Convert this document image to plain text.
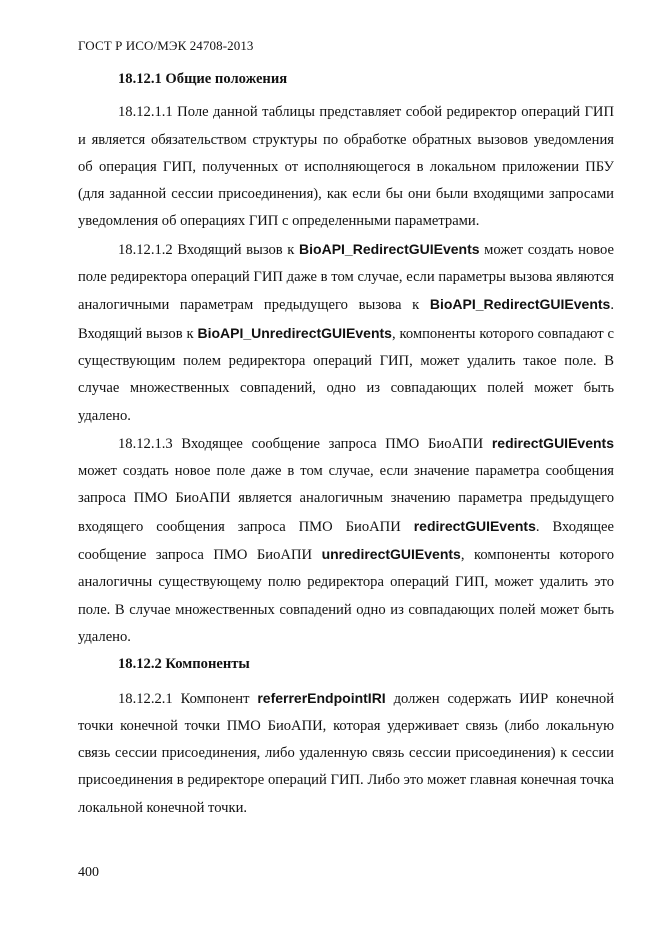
ГОСТ Р ИСО/МЭК 24708-2013
18.12.1 Общие положения

18.12.1.1 Поле данной таблицы представляет собой редиректор операций ГИП и является обязательством структуры по обработке обратных вызовов уведомления об операция ГИП, полученных от исполняющегося в локальном приложении ПБУ (для заданной сессии присоединения), как если бы они были входящими запросами уведомления об операциях ГИП с определенными параметрами.

18.12.1.2 Входящий вызов к BioAPI_RedirectGUIEvents может создать новое поле редиректора операций ГИП даже в том случае, если параметры вызова являются аналогичными параметрам предыдущего вызова к BioAPI_RedirectGUIEvents. Входящий вызов к BioAPI_UnredirectGUIEvents, компоненты которого совпадают с существующим полем редиректора операций ГИП, может удалить такое поле. В случае множественных совпадений, одно из совпадающих полей может быть удалено.

18.12.1.3 Входящее сообщение запроса ПМО БиоАПИ redirectGUIEvents может создать новое поле даже в том случае, если значение параметра сообщения запроса ПМО БиоАПИ является аналогичным значению параметра предыдущего входящего сообщения запроса ПМО БиоАПИ redirectGUIEvents. Входящее сообщение запроса ПМО БиоАПИ unredirectGUIEvents, компоненты которого аналогичны существующему полю редиректора операций ГИП, может удалить это поле. В случае множественных совпадений одно из совпадающих полей может быть удалено.

18.12.2 Компоненты

18.12.2.1 Компонент referrerEndpointIRI должен содержать ИИР конечной точки конечной точки ПМО БиоАПИ, которая удерживает связь (либо локальную связь сессии присоединения, либо удаленную связь сессии присоединения) к сессии присоединения в редиректоре операций ГИП. Либо это может главная конечная точка локальной конечной точки.

400
